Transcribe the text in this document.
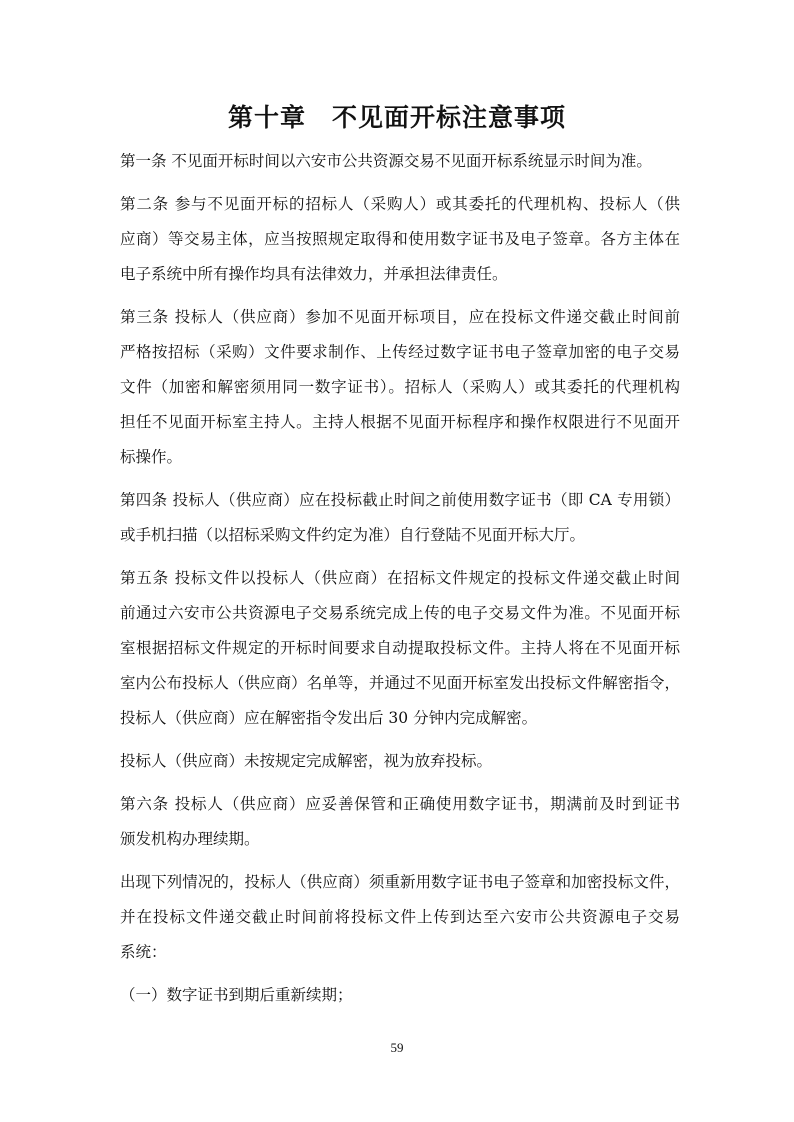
第十章　不见面开标注意事项

第一条 不见面开标时间以六安市公共资源交易不见面开标系统显示时间为准。

第二条 参与不见面开标的招标人（采购人）或其委托的代理机构、投标人（供

应商）等交易主体，应当按照规定取得和使用数字证书及电子签章。各方主体在

电子系统中所有操作均具有法律效力，并承担法律责任。

第三条 投标人（供应商）参加不见面开标项目，应在投标文件递交截止时间前

严格按招标（采购）文件要求制作、上传经过数字证书电子签章加密的电子交易

文件（加密和解密须用同一数字证书）。招标人（采购人）或其委托的代理机构

担任不见面开标室主持人。主持人根据不见面开标程序和操作权限进行不见面开

标操作。

第四条 投标人（供应商）应在投标截止时间之前使用数字证书（即 CA 专用锁）

或手机扫描（以招标采购文件约定为准）自行登陆不见面开标大厅。

第五条 投标文件以投标人（供应商）在招标文件规定的投标文件递交截止时间

前通过六安市公共资源电子交易系统完成上传的电子交易文件为准。不见面开标

室根据招标文件规定的开标时间要求自动提取投标文件。主持人将在不见面开标

室内公布投标人（供应商）名单等，并通过不见面开标室发出投标文件解密指令，

投标人（供应商）应在解密指令发出后 30 分钟内完成解密。

投标人（供应商）未按规定完成解密，视为放弃投标。

第六条 投标人（供应商）应妥善保管和正确使用数字证书，期满前及时到证书

颁发机构办理续期。

出现下列情况的，投标人（供应商）须重新用数字证书电子签章和加密投标文件，

并在投标文件递交截止时间前将投标文件上传到达至六安市公共资源电子交易

系统：

（一）数字证书到期后重新续期；

59
